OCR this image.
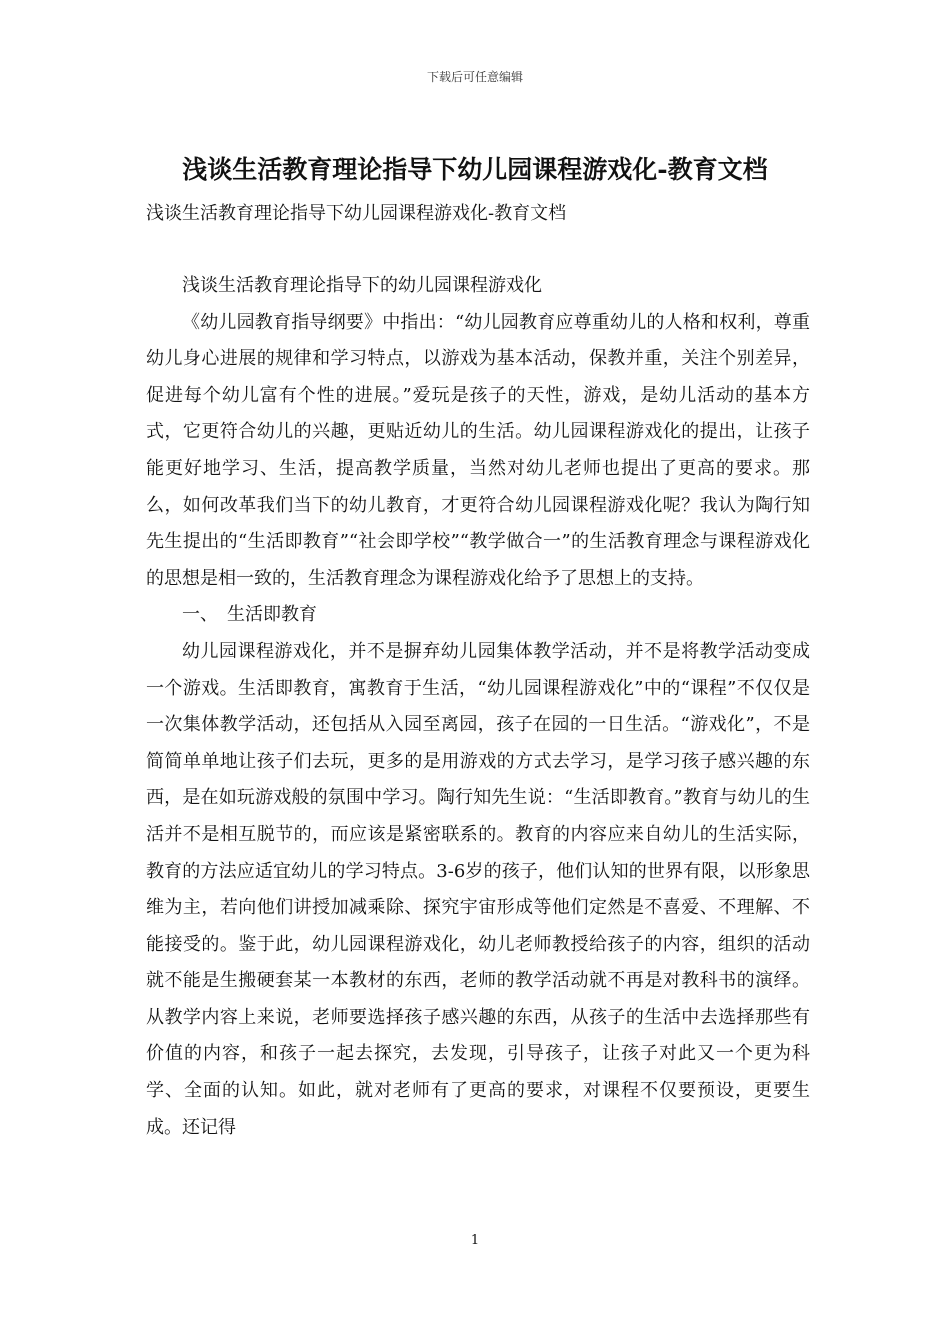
下载后可任意编辑
浅谈生活教育理论指导下幼儿园课程游戏化-教育文档

浅谈生活教育理论指导下幼儿园课程游戏化-教育文档

浅谈生活教育理论指导下的幼儿园课程游戏化

《幼儿园教育指导纲要》中指出：“幼儿园教育应尊重幼儿的人格和权利，尊重幼儿身心进展的规律和学习特点，以游戏为基本活动，保教并重，关注个别差异，促进每个幼儿富有个性的进展。”爱玩是孩子的天性，游戏，是幼儿活动的基本方式，它更符合幼儿的兴趣，更贴近幼儿的生活。幼儿园课程游戏化的提出，让孩子能更好地学习、生活，提高教学质量，当然对幼儿老师也提出了更高的要求。那么，如何改革我们当下的幼儿教育，才更符合幼儿园课程游戏化呢？我认为陶行知先生提出的“生活即教育”“社会即学校”“教学做合一”的生活教育理念与课程游戏化的思想是相一致的，生活教育理念为课程游戏化给予了思想上的支持。

一、　生活即教育

幼儿园课程游戏化，并不是摒弃幼儿园集体教学活动，并不是将教学活动变成一个游戏。生活即教育，寓教育于生活，“幼儿园课程游戏化”中的“课程”不仅仅是一次集体教学活动，还包括从入园至离园，孩子在园的一日生活。“游戏化”，不是简简单单地让孩子们去玩，更多的是用游戏的方式去学习，是学习孩子感兴趣的东西，是在如玩游戏般的氛围中学习。陶行知先生说：“生活即教育。”教育与幼儿的生活并不是相互脱节的，而应该是紧密联系的。教育的内容应来自幼儿的生活实际，教育的方法应适宜幼儿的学习特点。3-6岁的孩子，他们认知的世界有限，以形象思维为主，若向他们讲授加减乘除、探究宇宙形成等他们定然是不喜爱、不理解、不能接受的。鉴于此，幼儿园课程游戏化，幼儿老师教授给孩子的内容，组织的活动就不能是生搬硬套某一本教材的东西，老师的教学活动就不再是对教科书的演绎。从教学内容上来说，老师要选择孩子感兴趣的东西，从孩子的生活中去选择那些有价值的内容，和孩子一起去探究，去发现，引导孩子，让孩子对此又一个更为科学、全面的认知。如此，就对老师有了更高的要求，对课程不仅要预设，更要生成。还记得

1
